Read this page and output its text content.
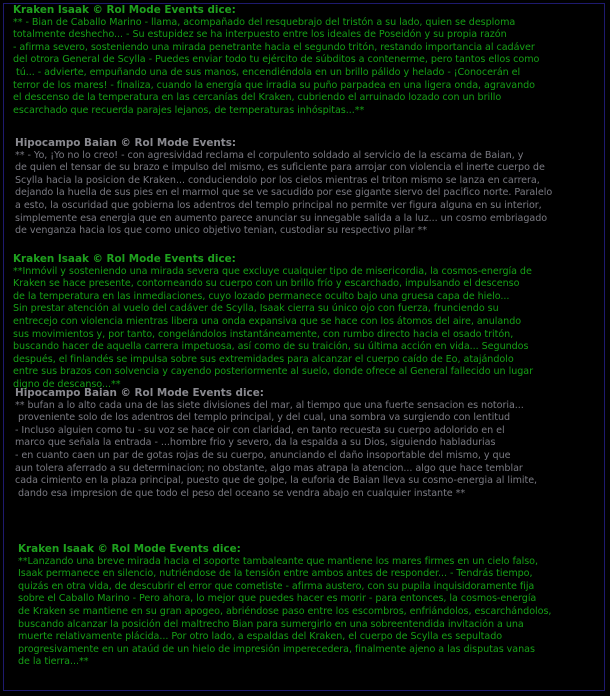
Kraken Isaak © Rol Mode Events dice:
** - Bian de Caballo Marino - llama, acompañado del resquebrajo del tristón a su lado, quien se desploma
totalmente deshecho... - Su estupidez se ha interpuesto entre los ideales de Poseidón y su propia razón
- afirma severo, sosteniendo una mirada penetrante hacia el segundo tritón, restando importancia al cadáver
del otrora General de Scylla - Puedes enviar todo tu ejército de súbditos a contenerme, pero tantos ellos como
tú... - advierte, empuñando una de sus manos, encendiéndola en un brillo pálido y helado - ¡Conocerán el
terror de los mares! - finaliza, cuando la energía que irradia su puño parpadea en una ligera onda, agravando
el descenso de la temperatura en las cercanías del Kraken, cubriendo el arruinado lozado con un brillo
escarchado que recuerda parajes lejanos, de temperaturas inhóspitas...**
Hipocampo Baian © Rol Mode Events:
** - Yo, ¡Yo no lo creo! - con agresividad reclama el corpulento soldado al servicio de la escama de Baian, y
de quien el tensar de su brazo e impulso del mismo, es suficiente para arrojar con violencia el inerte cuerpo de
Scylla hacia la posicion de Kraken... conduciendolo por los cielos mientras el triton mismo se lanza en carrera,
dejando la huella de sus pies en el marmol que se ve sacudido por ese gigante siervo del pacifico norte. Paralelo
a esto, la oscuridad que gobierna los adentros del templo principal no permite ver figura alguna en su interior,
simplemente esa energia que en aumento parece anunciar su innegable salida a la luz... un cosmo embriagado
de venganza hacia los que como unico objetivo tenian, custodiar su respectivo pilar **
Kraken Isaak © Rol Mode Events dice:
**Inmóvil y sosteniendo una mirada severa que excluye cualquier tipo de misericordia, la cosmos-energía de
Kraken se hace presente, contorneando su cuerpo con un brillo frío y escarchado, impulsando el descenso
de la temperatura en las inmediaciones, cuyo lozado permanece oculto bajo una gruesa capa de hielo...
Sin prestar atención al vuelo del cadáver de Scylla, Isaak cierra su único ojo con fuerza, frunciendo su
entrecejo con violencia mientras libera una onda expansiva que se hace con los átomos del aire, anulando
sus movimientos y, por tanto, congelándolos instantáneamente, con rumbo directo hacia el osado tritón,
buscando hacer de aquella carrera impetuosa, así como de su traición, su última acción en vida... Segundos
después, el finlandés se impulsa sobre sus extremidades para alcanzar el cuerpo caído de Eo, atajándolo
entre sus brazos con solvencia y cayendo posteriormente al suelo, donde ofrece al General fallecido un lugar
digno de descanso...**
Hipocampo Baian © Rol Mode Events dice:
** bufan a lo alto cada una de las siete divisiones del mar, al tiempo que una fuerte sensacion es notoria...
proveniente solo de los adentros del templo principal, y del cual, una sombra va surgiendo con lentitud
- Incluso alguien como tu - su voz se hace oir con claridad, en tanto recuesta su cuerpo adolorido en el
marco que señala la entrada - ...hombre frio y severo, da la espalda a su Dios, siguiendo habladurias
- en cuanto caen un par de gotas rojas de su cuerpo, anunciando el daño insoportable del mismo, y que
aun tolera aferrado a su determinacion; no obstante, algo mas atrapa la atencion... algo que hace temblar
cada cimiento en la plaza principal, puesto que de golpe, la euforia de Baian lleva su cosmo-energia al limite,
dando esa impresion de que todo el peso del oceano se vendra abajo en cualquier instante **
Kraken Isaak © Rol Mode Events dice:
**Lanzando una breve mirada hacia el soporte tambaleante que mantiene los mares firmes en un cielo falso,
Isaak permanece en silencio, nutriéndose de la tensión entre ambos antes de responder... - Tendrás tiempo,
quizás en otra vida, de descubrir el error que cometiste - afirma austero, con su pupila inquisidoramente fija
sobre el Caballo Marino - Pero ahora, lo mejor que puedes hacer es morir - para entonces, la cosmos-energía
de Kraken se mantiene en su gran apogeo, abriéndose paso entre los escombros, enfriándolos, escarchándolos,
buscando alcanzar la posición del maltrecho Bian para sumergirlo en una sobreentendida invitación a una
muerte relativamente plácida... Por otro lado, a espaldas del Kraken, el cuerpo de Scylla es sepultado
progresivamente en un ataúd de un hielo de impresión imperecedera, finalmente ajeno a las disputas vanas
de la tierra...**
